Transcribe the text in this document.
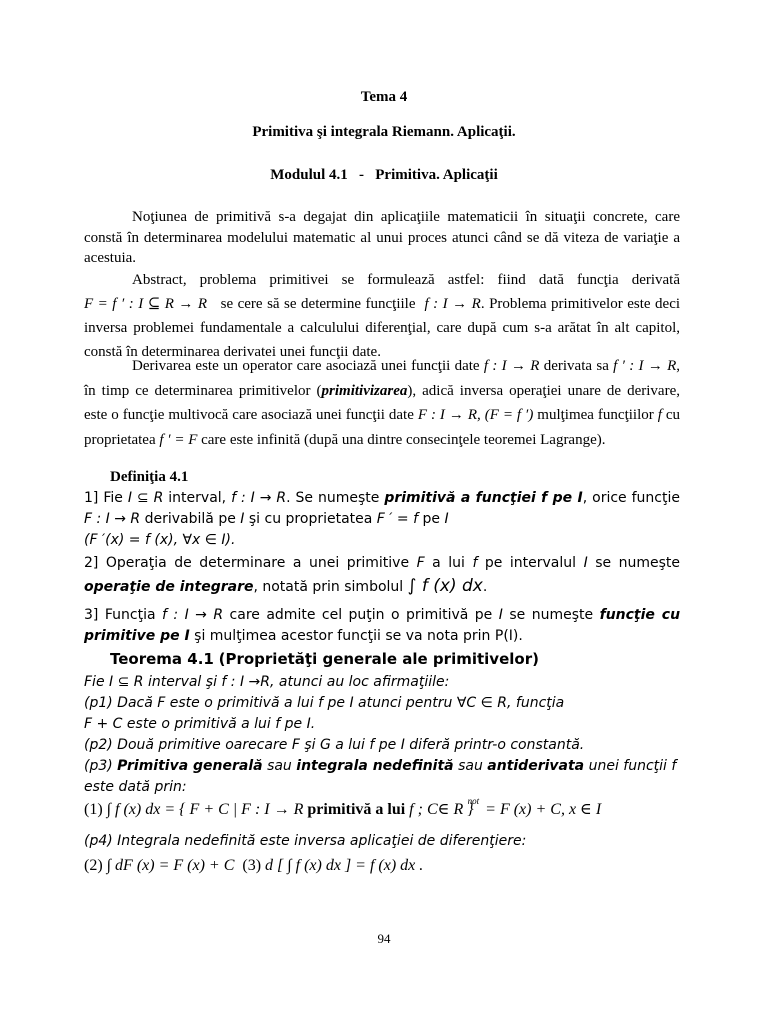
Tema 4
Primitiva şi integrala Riemann. Aplicaţii.
Modulul 4.1 - Primitiva. Aplicaţii
Noţiunea de primitivă s-a degajat din aplicaţiile matematicii în situaţii concrete, care constă în determinarea modelului matematic al unui proces atunci când se dă viteza de variaţie a acestuia.
Abstract, problema primitivei se formulează astfel: fiind dată funcţia derivată F = f ′ : I ⊆ R → R se cere să se determine funcţiile f : I → R. Problema primitivelor este deci inversa problemei fundamentale a calculului diferenţial, care după cum s-a arătat în alt capitol, constă în determinarea derivatei unei funcţii date.
Derivarea este un operator care asociază unei funcţii date f : I → R derivata sa f ′ : I → R, în timp ce determinarea primitivelor (primitivizarea), adică inversa operaţiei unare de derivare, este o funcţie multivocă care asociază unei funcţii date F : I → R, (F = f ′) mulţimea funcţiilor f cu proprietatea f ′ = F care este infinită (după una dintre consecinţele teoremei Lagrange).
Definiţia 4.1
1] Fie I ⊆ R interval, f : I → R. Se numeşte primitivă a funcţiei f pe I, orice funcţie F : I → R derivabilă pe I şi cu proprietatea F ′ = f pe I
(F ′(x) = f (x), ∀x ∈ I).
2] Operaţia de determinare a unei primitive F a lui f pe intervalul I se numeşte operaţie de integrare, notată prin simbolul ∫ f (x) dx.
3] Funcţia f : I → R care admite cel puţin o primitivă pe I se numeşte funcţie cu primitive pe I şi mulţimea acestor funcţii se va nota prin P(I).
Teorema 4.1 (Proprietăţi generale ale primitivelor)
Fie I ⊆ R interval şi f : I →R, atunci au loc afirmaţiile:
(p1) Dacă F este o primitivă a lui f pe I atunci pentru ∀C ∈ R, funcţia
F + C este o primitivă a lui f pe I.
(p2) Două primitive oarecare F şi G a lui f pe I diferă printr-o constantă.
(p3) Primitiva generală sau integrala nedefinită sau antiderivata unei funcţii f este dată prin:
(1) ∫ f (x) dx = { F + C | F : I → R primitivă a lui f ; C∈ R }$^{not}$ = F (x) + C, x ∈ I
(p4) Integrala nedefinită este inversa aplicaţiei de diferenţiere:
(2) ∫ dF (x) = F (x) + C (3) d [ ∫ f (x) dx ] = f (x) dx .
94
